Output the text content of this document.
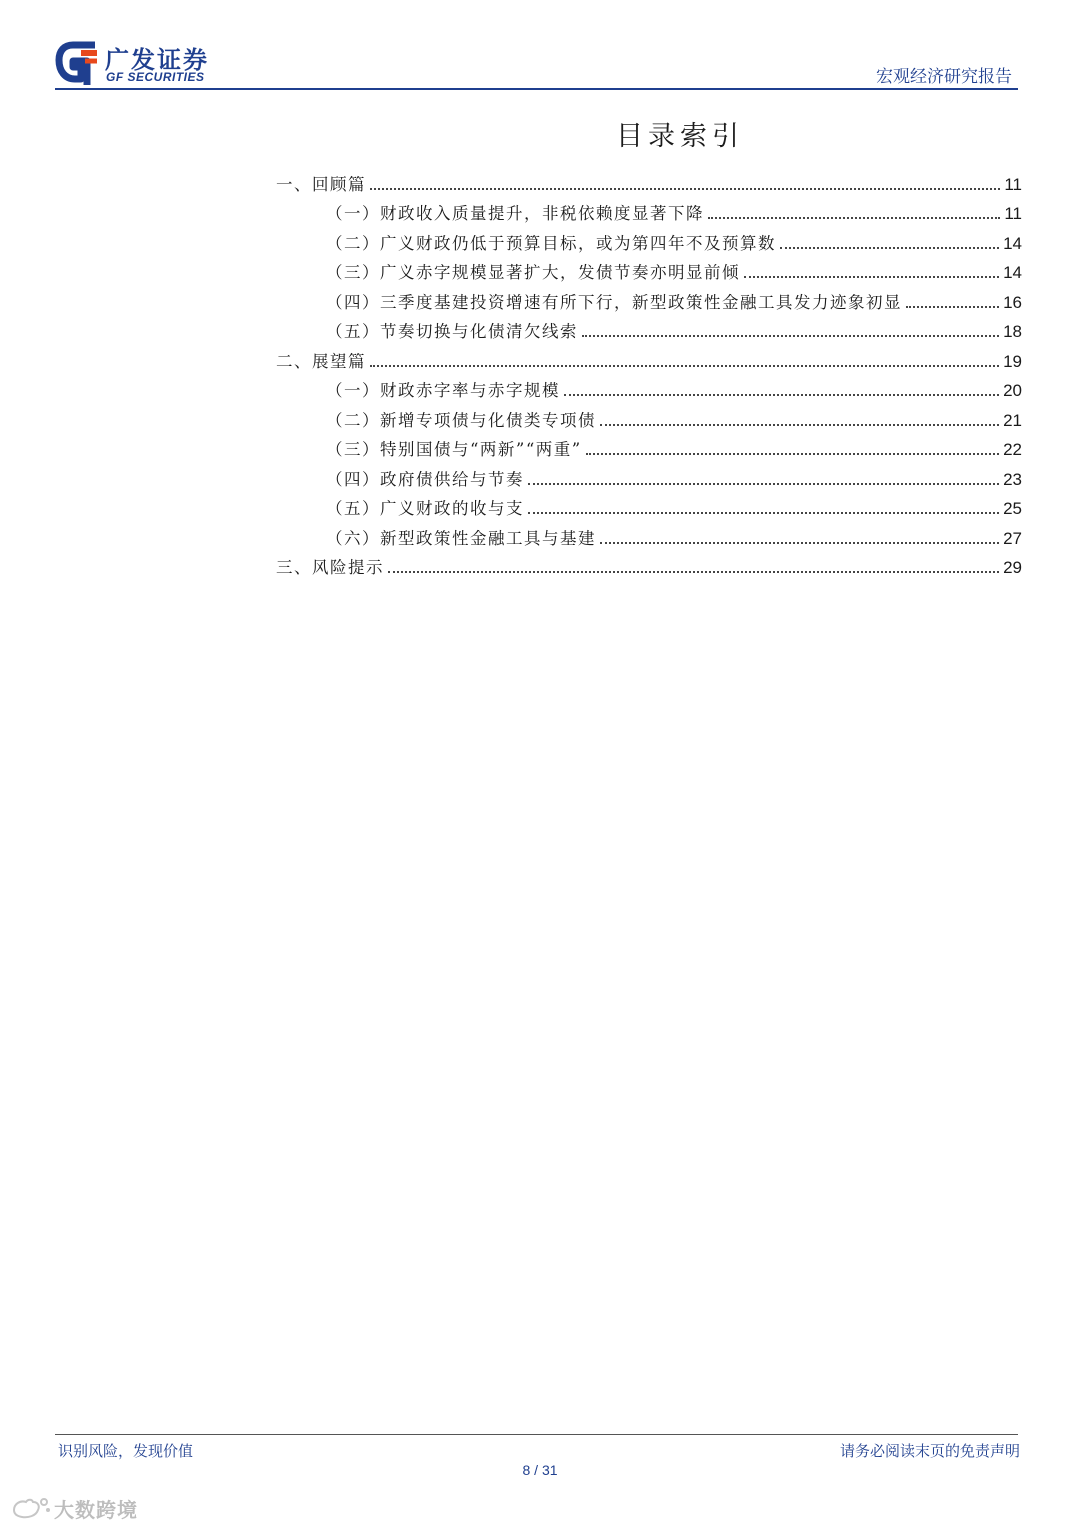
广发证券
GF SECURITIES	宏观经济研究报告
目录索引
一、回顾篇	11
（一）财政收入质量提升，非税依赖度显著下降	11
（二）广义财政仍低于预算目标，或为第四年不及预算数	14
（三）广义赤字规模显著扩大，发债节奏亦明显前倾	14
（四）三季度基建投资增速有所下行，新型政策性金融工具发力迹象初显	16
（五）节奏切换与化债清欠线索	18
二、展望篇	19
（一）财政赤字率与赤字规模	20
（二）新增专项债与化债类专项债	21
（三）特别国债与“两新”“两重”	22
（四）政府债供给与节奏	23
（五）广义财政的收与支	25
（六）新型政策性金融工具与基建	27
三、风险提示	29
识别风险，发现价值	请务必阅读末页的免责声明
8 / 31
大数跨境
